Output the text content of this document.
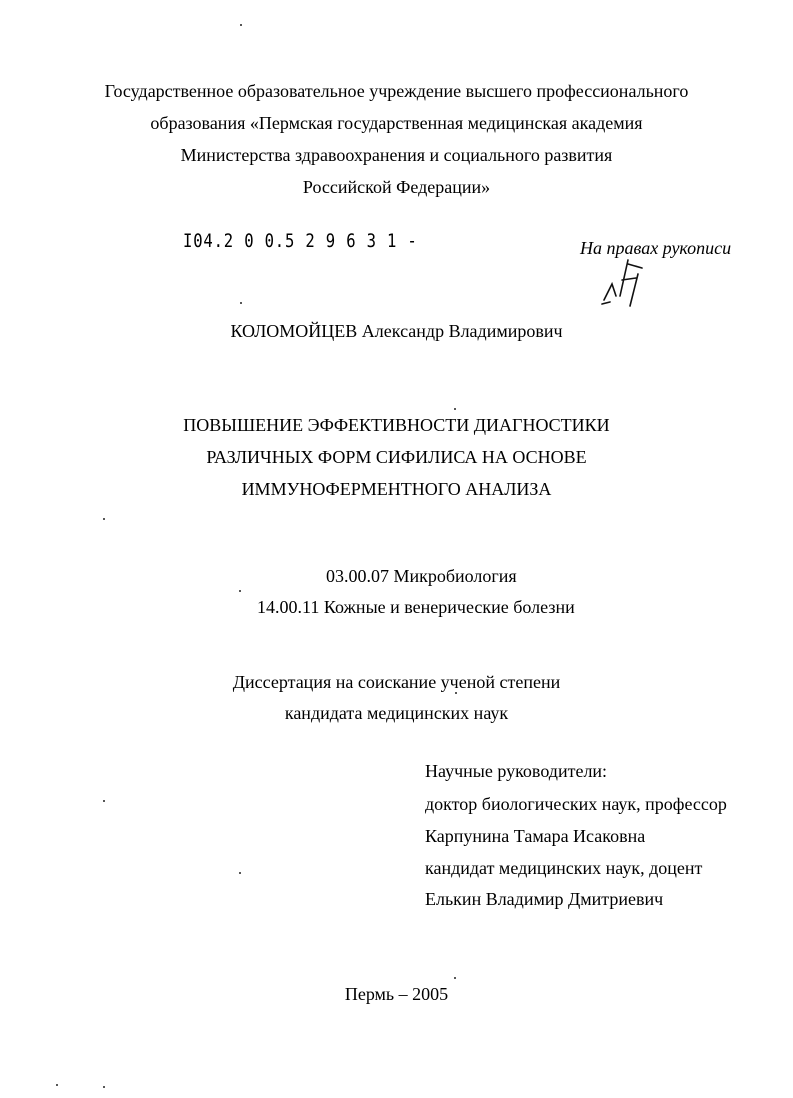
Государственное образовательное учреждение высшего профессионального
образования «Пермская государственная медицинская академия
Министерства здравоохранения и социального развития
Российской Федерации»
I04.2 0 0.5 2 9 6 3 1 -	На правах рукописи
КОЛОМОЙЦЕВ Александр Владимирович
ПОВЫШЕНИЕ ЭФФЕКТИВНОСТИ ДИАГНОСТИКИ
РАЗЛИЧНЫХ ФОРМ СИФИЛИСА НА ОСНОВЕ
ИММУНОФЕРМЕНТНОГО АНАЛИЗА
03.00.07 Микробиология
14.00.11 Кожные и венерические болезни
Диссертация на соискание ученой степени
кандидата медицинских наук
Научные руководители:
доктор биологических наук, профессор
Карпунина Тамара Исаковна
кандидат медицинских наук, доцент
Елькин Владимир Дмитриевич
Пермь – 2005
